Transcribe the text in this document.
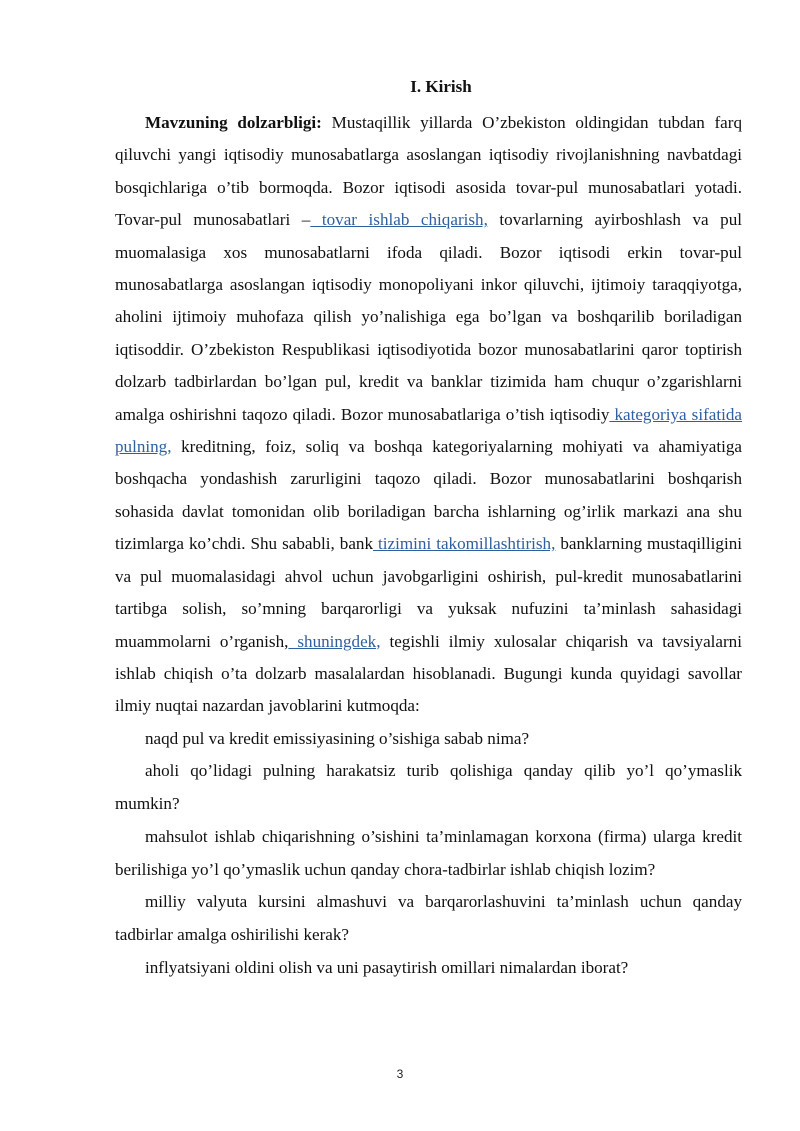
I. Kirish

Mavzuning dolzarbligi: Mustaqillik yillarda O’zbekiston oldingidan tubdan farq qiluvchi yangi iqtisodiy munosabatlarga asoslangan iqtisodiy rivojlanishning navbatdagi bosqichlariga o’tib bormoqda. Bozor iqtisodi asosida tovar-pul munosabatlari yotadi. Tovar-pul munosabatlari – tovar ishlab chiqarish, tovarlarning ayirboshlash va pul muomalasiga xos munosabatlarni ifoda qiladi. Bozor iqtisodi erkin tovar-pul munosabatlarga asoslangan iqtisodiy monopoliyani inkor qiluvchi, ijtimoiy taraqqiyotga, aholini ijtimoiy muhofaza qilish yo’nalishiga ega bo’lgan va boshqarilib boriladigan iqtisoddir. O’zbekiston Respublikasi iqtisodiyotida bozor munosabatlarini qaror toptirish dolzarb tadbirlardan bo’lgan pul, kredit va banklar tizimida ham chuqur o’zgarishlarni amalga oshirishni taqozo qiladi. Bozor munosabatlariga o’tish iqtisodiy kategoriya sifatida pulning, kreditning, foiz, soliq va boshqa kategoriyalarning mohiyati va ahamiyatiga boshqacha yondashish zarurligini taqozo qiladi. Bozor munosabatlarini boshqarish sohasida davlat tomonidan olib boriladigan barcha ishlarning og’irlik markazi ana shu tizimlarga ko’chdi. Shu sababli, bank tizimini takomillashtirish, banklarning mustaqilligini va pul muomalasidagi ahvol uchun javobgarligini oshirish, pul-kredit munosabatlarini tartibga solish, so’mning barqarorligi va yuksak nufuzini ta’minlash sahasidagi muammolarni o’rganish, shuningdek, tegishli ilmiy xulosalar chiqarish va tavsiyalarni ishlab chiqish o’ta dolzarb masalalardan hisoblanadi. Bugungi kunda quyidagi savollar ilmiy nuqtai nazardan javoblarini kutmoqda:

naqd pul va kredit emissiyasining o’sishiga sabab nima?

aholi qo’lidagi pulning harakatsiz turib qolishiga qanday qilib yo’l qo’ymaslik mumkin?

mahsulot ishlab chiqarishning o’sishini ta’minlamagan korxona (firma) ularga kredit berilishiga yo’l qo’ymaslik uchun qanday chora-tadbirlar ishlab chiqish lozim?

milliy valyuta kursini almashuvi va barqarorlashuvini ta’minlash uchun qanday tadbirlar amalga oshirilishi kerak?

inflyatsiyani oldini olish va uni pasaytirish omillari nimalardan iborat?

3
